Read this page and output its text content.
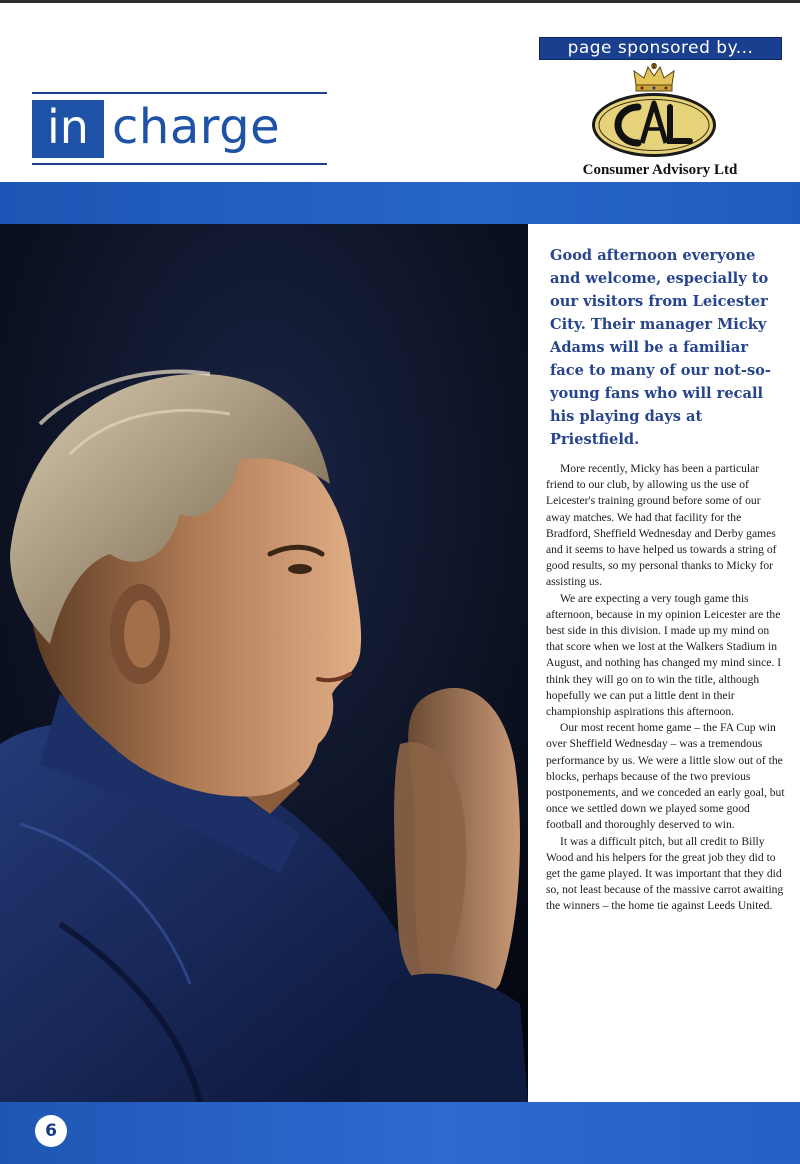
page sponsored by...
Consumer Advisory Ltd
in charge

Good afternoon everyone and welcome, especially to our visitors from Leicester City. Their manager Micky Adams will be a familiar face to many of our not-so-young fans who will recall his playing days at Priestfield.

More recently, Micky has been a particular friend to our club, by allowing us the use of Leicester's training ground before some of our away matches. We had that facility for the Bradford, Sheffield Wednesday and Derby games and it seems to have helped us towards a string of good results, so my personal thanks to Micky for assisting us.

We are expecting a very tough game this afternoon, because in my opinion Leicester are the best side in this division. I made up my mind on that score when we lost at the Walkers Stadium in August, and nothing has changed my mind since. I think they will go on to win the title, although hopefully we can put a little dent in their championship aspirations this afternoon.

Our most recent home game – the FA Cup win over Sheffield Wednesday – was a tremendous performance by us. We were a little slow out of the blocks, perhaps because of the two previous postponements, and we conceded an early goal, but once we settled down we played some good football and thoroughly deserved to win.

It was a difficult pitch, but all credit to Billy Wood and his helpers for the great job they did to get the game played. It was important that they did so, not least because of the massive carrot awaiting the winners – the home tie against Leeds United.

6
